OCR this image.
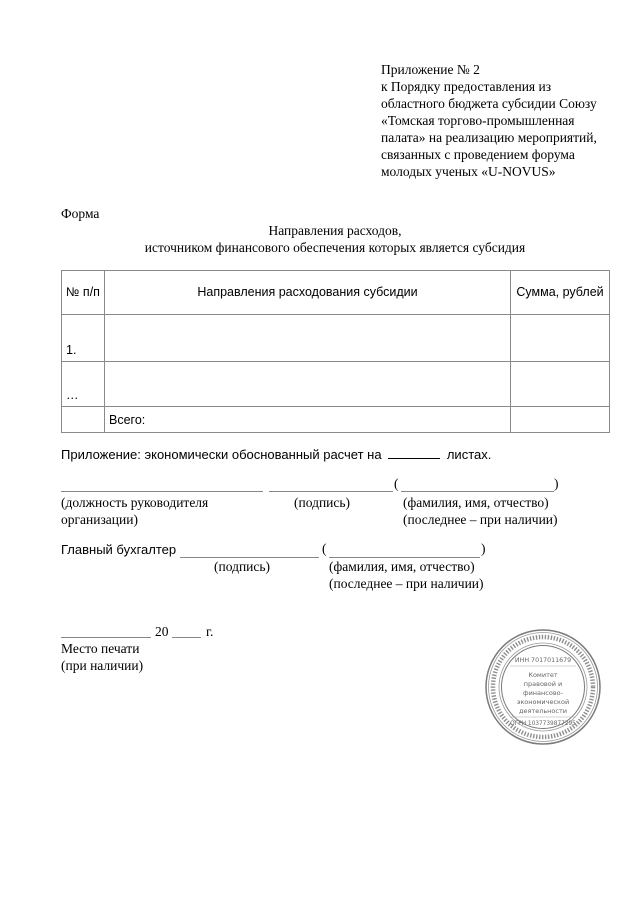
Приложение № 2
к Порядку предоставления из
областного бюджета субсидии Союзу
«Томская торгово-промышленная
палата» на реализацию мероприятий,
связанных с проведением форума
молодых ученых «U-NOVUS»
Форма
Направления расходов,
источником финансового обеспечения которых является субсидия
№ п/п	Направления расходования субсидии	Сумма, рублей
1.		
…		
	Всего:	
Приложение: экономически обоснованный расчет на	листах.
(	)
(должность руководителя
организации)
(подпись)	(фамилия, имя, отчество)
(последнее – при наличии)
Главный бухгалтер	(	)
(подпись)	(фамилия, имя, отчество)
(последнее – при наличии)
20	г.
Место печати
(при наличии)	ИНН 7017011679
Комитет
правовой и
финансово-
экономической
деятельности
ОГРН 1037739877295
